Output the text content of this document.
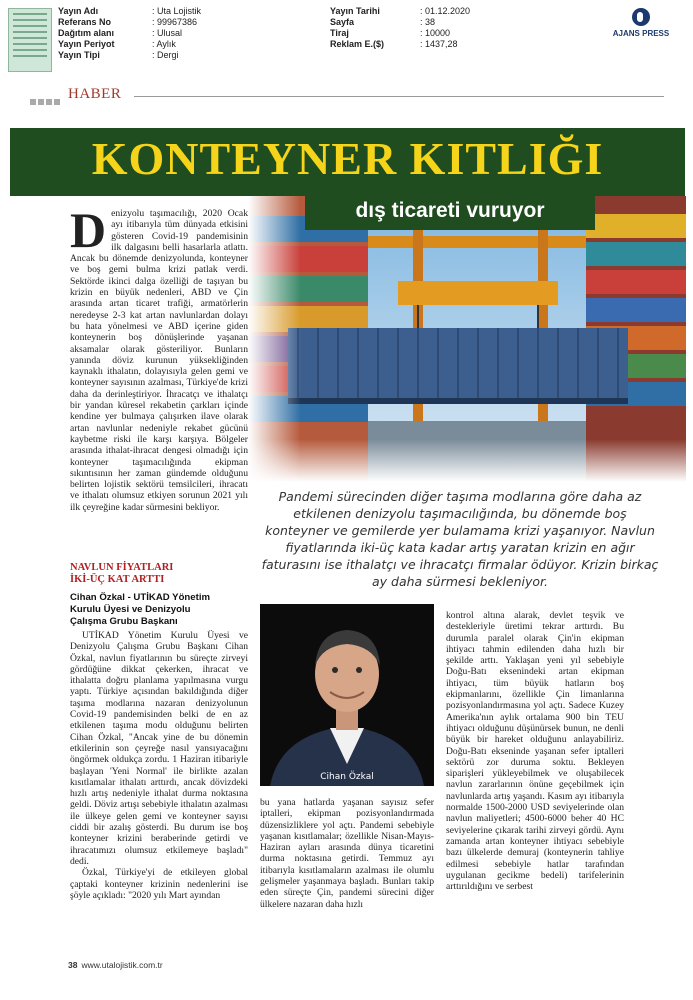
Yayın Adı	: Uta Lojistik
Referans No	: 99967386
Dağıtım alanı	: Ulusal
Yayın Periyot	: Aylık
Yayın Tipi	: Dergi
Yayın Tarihi	: 01.12.2020
Sayfa	: 38
Tiraj	: 10000
Reklam E.($)	: 1437,28
AJANS PRESS
HABER
KONTEYNER KITLIĞI
dış ticareti vuruyor
Denizyolu taşımacılığı, 2020 Ocak ayı itibarıyla tüm dünyada etkisini gösteren Covid-19 pandemisinin ilk dalgasını belli hasarlarla atlattı. Ancak bu dönemde denizyolunda, konteyner ve boş gemi bulma krizi patlak verdi. Sektörde ikinci dalga özelliği de taşıyan bu krizin en büyük nedenleri, ABD ve Çin arasında artan ticaret trafiği, armatörlerin neredeyse 2-3 kat artan navlunlardan dolayı bu hata yönelmesi ve ABD içerine giden konteynerin boş dönüşlerinde yaşanan aksamalar olarak gösteriliyor. Bunların yanında döviz kurunun yüksekliğinden kaynaklı ithalatın, dolayısıyla gelen gemi ve konteyner sayısının azalması, Türkiye'de krizi daha da derinleştiriyor. İhracatçı ve ithalatçı bir yandan küresel rekabetin çarkları içinde kendine yer bulmaya çalışırken ilave olarak artan navlunlar nedeniyle rekabet gücünü kaybetme riski ile karşı karşıya. Bölgeler arasında ithalat-ihracat dengesi olmadığı için konteyner taşımacılığında ekipman sıkıntısının her zaman gündemde olduğunu belirten lojistik sektörü temsilcileri, ihracatı ve ithalatı olumsuz etkiyen sorunun 2021 yılı ilk çeyreğine kadar sürmesini bekliyor.
Pandemi sürecinden diğer taşıma modlarına göre daha az etkilenen denizyolu taşımacılığında, bu dönemde boş konteyner ve gemilerde yer bulamama krizi yaşanıyor. Navlun fiyatlarında iki-üç kata kadar artış yaratan krizin en ağır faturasını ise ithalatçı ve ihracatçı firmalar ödüyor. Krizin birkaç ay daha sürmesi bekleniyor.
NAVLUN FİYATLARI
İKİ-ÜÇ KAT ARTTI
Cihan Özkal - UTİKAD Yönetim
Kurulu Üyesi ve Denizyolu
Çalışma Grubu Başkanı
UTİKAD Yönetim Kurulu Üyesi ve Denizyolu Çalışma Grubu Başkanı Cihan Özkal, navlun fiyatlarının bu süreçte zirveyi gördüğüne dikkat çekerken, ihracat ve ithalatta doğru planlama yapılmasına vurgu yaptı. Türkiye açısından bakıldığında diğer taşıma modlarına nazaran denizyolunun Covid-19 pandemisinden belki de en az etkilenen taşıma modu olduğunu belirten Cihan Özkal, "Ancak yine de bu dönemin etkilerinin son çeyreğe nasıl yansıyacağını öngörmek oldukça zordu. 1 Haziran itibariyle başlayan 'Yeni Normal' ile birlikte azalan kısıtlamalar ithalatı arttırdı, ancak dövizdeki hızlı artış nedeniyle ithalat durma noktasına geldi. Döviz artışı sebebiyle ithalatın azalması ile ülkeye gelen gemi ve konteyner sayısı ciddi bir azalış gösterdi. Bu durum ise boş konteyner krizini beraberinde getirdi ve ihracatımızı olumsuz etkilemeye başladı" dedi.
Özkal, Türkiye'yi de etkileyen global çaptaki konteyner krizinin nedenlerini ise şöyle açıkladı: "2020 yılı Mart ayından
Cihan Özkal
bu yana hatlarda yaşanan sayısız sefer iptalleri, ekipman pozisyonlandırmada düzensizliklere yol açtı. Pandemi sebebiyle yaşanan kısıtlamalar; özellikle Nisan-Mayıs-Haziran ayları arasında dünya ticaretini durma noktasına getirdi. Temmuz ayı itibarıyla kısıtlamaların azalması ile olumlu gelişmeler yaşanmaya başladı. Bunları takip eden süreçte Çin, pandemi sürecini diğer ülkelere nazaran daha hızlı
kontrol altına alarak, devlet teşvik ve destekleriyle üretimi tekrar arttırdı. Bu durumla paralel olarak Çin'in ekipman ihtiyacı tahmin edilenden daha hızlı bir şekilde arttı. Yaklaşan yeni yıl sebebiyle Doğu-Batı eksenindeki artan ekipman ihtiyacı, tüm büyük hatların boş ekipmanlarını, özellikle Çin limanlarına pozisyonlandırmasına yol açtı. Sadece Kuzey Amerika'nın aylık ortalama 900 bin TEU ihtiyacı olduğunu düşünürsek bunun, ne denli büyük bir hareket olduğunu anlayabiliriz. Doğu-Batı ekseninde yaşanan sefer iptalleri sektörü zor duruma soktu. Bekleyen siparişleri yükleyebilmek ve oluşabilecek navlun zararlarının önüne geçebilmek için navlunlarda artış yaşandı. Kasım ayı itibarıyla normalde 1500-2000 USD seviyelerinde olan navlun maliyetleri; 4500-6000 beher 40 HC seviyelerine çıkarak tarihi zirveyi gördü. Aynı zamanda artan konteyner ihtiyacı sebebiyle bazı ülkelerde demuraj (konteynerin tahliye edilmesi sebebiyle hatlar tarafından uygulanan gecikme bedeli) tarifelerinin arttırıldığını ve serbest
38 www.utalojistik.com.tr
